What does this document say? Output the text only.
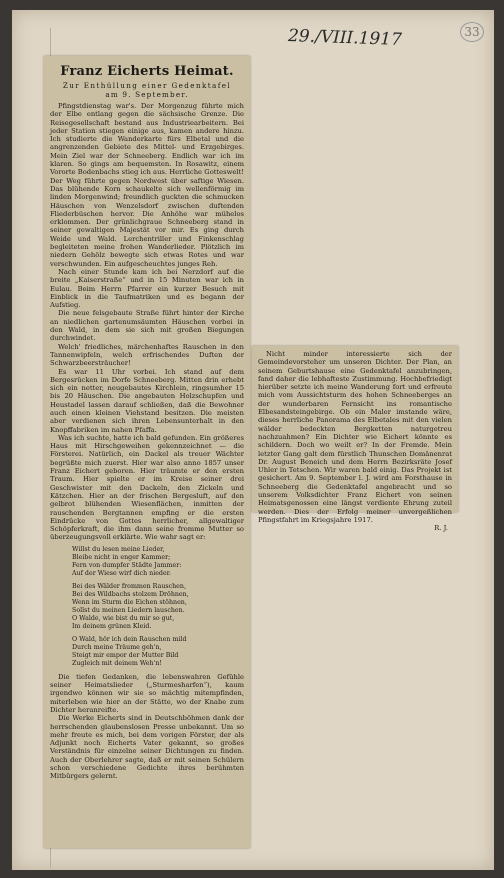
29./VIII.1917	33
Franz Eicherts Heimat.
Zur Enthüllung einer Gedenktafel
am 9. September.

Pfingstdienstag war's. Der Morgenzug führte mich der Elbe entlang gegen die sächsische Grenze. Die Reisegesellschaft bestand aus Industriearbeitern. Bei jeder Station stiegen einige aus, kamen andere hinzu. Ich studierte die Wanderkarte fürs Elbetal und die angrenzenden Gebiete des Mittel- und Erzgebirges. Mein Ziel war der Schneeberg. Endlich war ich im klaren. So gings am bequemsten. In Rosawitz, einem Vororte Bodenbachs stieg ich aus. Herrliche Gotteswelt! Der Weg führte gegen Nordwest über saftige Wiesen. Das blühende Korn schaukelte sich wellenförmig im linden Morgenwind; freundlich guckten die schmucken Häuschen von Wenzelsdorf zwischen duftenden Fliederbüschen hervor. Die Anhöhe war mühelos erklommen. Der grünlichgraue Schneeberg stand in seiner gewaltigen Majestät vor mir. Es ging durch Weide und Wald. Lerchentriller und Finkenschlag begleiteten meine frohen Wanderlieder. Plötzlich im niedern Gehölz bewegte sich etwas Rotes und war verschwunden. Ein aufgescheuchtes junges Reh.

Nach einer Stunde kam ich bei Nerzdorf auf die breite „Kaiserstraße“ und in 15 Minuten war ich in Eulau. Beim Herrn Pfarrer ein kurzer Besuch mit Einblick in die Taufmatriken und es begann der Aufstieg.

Die neue felsgebaute Straße führt hinter der Kirche an niedlichen gartenumsäumten Häuschen vorbei in den Wald, in dem sie sich mit großen Biegungen durchwindet.

Welch' friedliches, märchenhaftes Rauschen in den Tannenwipfeln, welch erfrischendes Duften der Schwarzbeersträucher!

Es war 11 Uhr vorbei. Ich stand auf dem Bergesrücken im Dorfe Schneeberg. Mitten drin erhebt sich ein netter, neugebautes Kirchlein, ringsumher 15 bis 20 Häuschen. Die angebauten Holzschupfen und Heustadel lassen darauf schließen, daß die Bewohner auch einen kleinen Viehstand besitzen. Die meisten aber verdienen sich ihren Lebensunterhalt in den Knopffabriken im nahen Pfaffa.

Was ich suchte, hatte ich bald gefunden. Ein größeres Haus mit Hirschgeweihen gekennzeichnet — die Försterei. Natürlich, ein Dackel als treuer Wächter begrüßte mich zuerst. Hier war also anno 1857 unser Franz Eichert geboren. Hier träumte er den ersten Traum. Hier spielte er im Kreise seiner drei Geschwister mit den Dackeln, den Zickeln und Kätzchen. Hier an der frischen Bergesluft, auf den gelbrot blühenden Wiesenflächen, inmitten der rauschenden Bergtannen empfing er die ersten Eindrücke von Gottes herrlicher, allgewaltiger Schöpferkraft, die ihm dann seine fromme Mutter so überzeugungsvoll erklärte. Wie wahr sagt er:

Willst du lesen meine Lieder,
Bleibe nicht in enger Kammer;
Fern von dumpfer Städte Jammer:
Auf der Wiese wirf dich nieder.
Bei des Wälder frommen Rauschen,
Bei des Wildbachs stolzem Dröhnen,
Wenn im Sturm die Eichen stöhnen,
Sollst du meinen Liedern lauschen.
O Walde, wie bist du mir so gut,
Im deinem grünen Kleid.
O Wald, hör ich dein Rauschen mild
Durch meine Träume geh'n,
Steigt mir empor der Mutter Bild
Zugleich mit deinem Weh'n!

Die tiefen Gedanken, die lebenswahren Gefühle seiner Heimatslieder („Sturmesharfen“), kaum irgendwo können wir sie so mächtig mitempfinden, miterleben wie hier an der Stätte, wo der Knabe zum Dichter heranreifte.

Die Werke Eicherts sind in Deutschböhmen dank der herrschenden glaubenslosen Presse unbekannt. Um so mehr freute es mich, bei dem vorigen Förster, der als Adjunkt noch Eicherts Vater gekannt, so großes Verständnis für einzelne seiner Dichtungen zu finden. Auch der Oberlehrer sagte, daß er mit seinen Schülern schon verschiedene Gedichte ihres berühmten Mitbürgers gelernt.

Nicht minder interessierte sich der Gemeindevorsteher um unseren Dichter. Der Plan, an seinem Geburtshause eine Gedenktafel anzubringen, fand daher die lebhafteste Zustimmung. Hochbefriedigt hierüber setzte ich meine Wanderung fort und erfreute mich vom Aussichtsturm des hohen Schneeberges an der wunderbaren Fernsicht ins romantische Elbesandsteingebirge. Ob ein Maler imstande wäre, dieses herrliche Panorama des Elbetales mit den vielen wälder bedeckten Bergketten naturgetreu nachzuahmen? Ein Dichter wie Eichert könnte es schildern. Doch wo weilt er? In der Fremde. Mein letzter Gang galt dem fürstlich Thunschen Domänenrat Dr. August Beneich und dem Herrn Bezirksräte Josef Uhler in Tetschen. Wir waren bald einig. Das Projekt ist gesichert. Am 9. September l. J. wird am Forsthause in Schneeberg die Gedenktafel angebracht und so unserem Volksdichter Franz Eichert von seinen Heimatsgenossen eine längst verdiente Ehrung zuteil werden. Dies der Erfolg meiner unvergeßlichen Pfingstfahrt im Kriegsjahre 1917.

R. J.
